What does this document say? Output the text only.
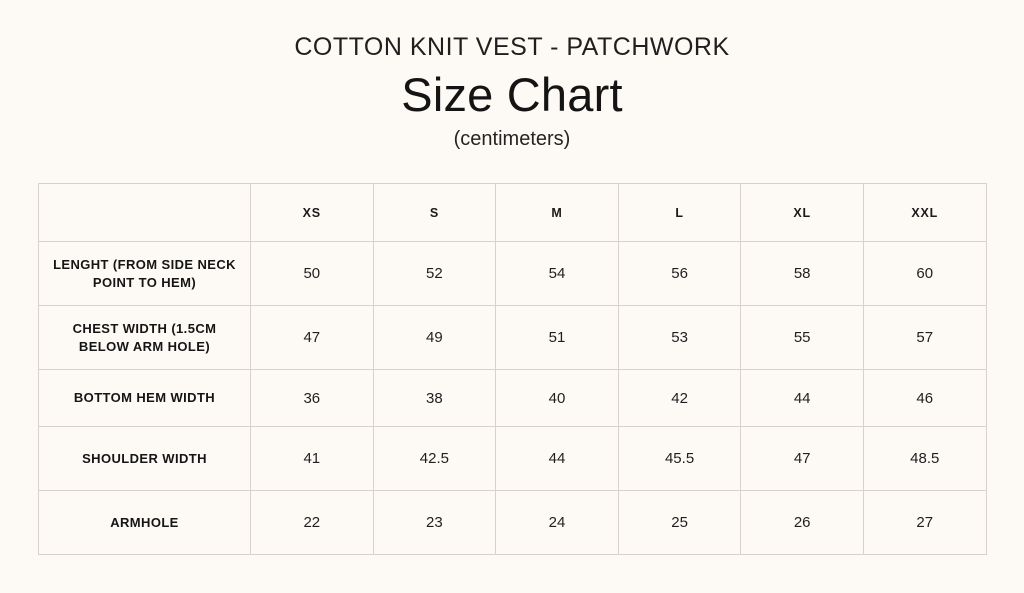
COTTON KNIT VEST - PATCHWORK
Size Chart
(centimeters)
	XS	S	M	L	XL	XXL
LENGHT (FROM SIDE NECK POINT TO HEM)	50	52	54	56	58	60
CHEST WIDTH (1.5CM BELOW ARM HOLE)	47	49	51	53	55	57
BOTTOM HEM WIDTH	36	38	40	42	44	46
SHOULDER WIDTH	41	42.5	44	45.5	47	48.5
ARMHOLE	22	23	24	25	26	27
